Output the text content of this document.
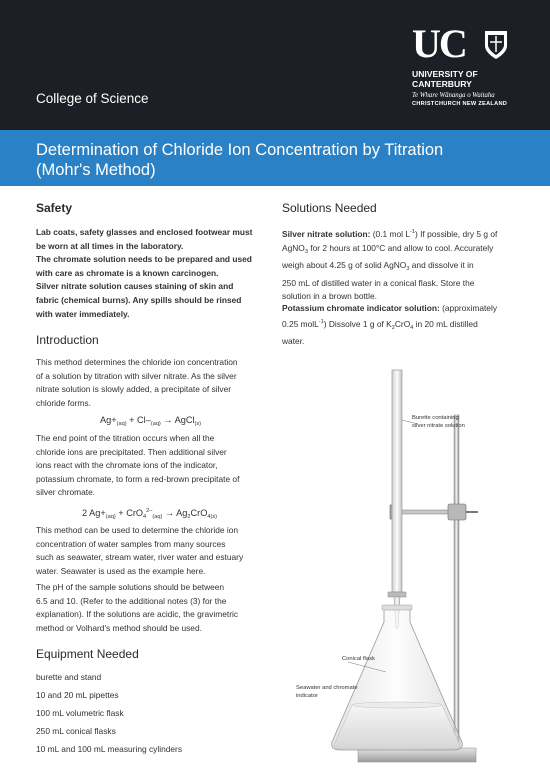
College of Science
UC
UNIVERSITY OF
CANTERBURY
Te Whare Wānanga o Waitaha
CHRISTCHURCH NEW ZEALAND
Determination of Chloride Ion Concentration by Titration
(Mohr's Method)
Safety
Lab coats, safety glasses and enclosed footwear must
be worn at all times in the laboratory.
The chromate solution needs to be prepared and used
with care as chromate is a known carcinogen.
Silver nitrate solution causes staining of skin and
fabric (chemical burns). Any spills should be rinsed
with water immediately.
Introduction
This method determines the chloride ion concentration
of a solution by titration with silver nitrate. As the silver
nitrate solution is slowly added, a precipitate of silver
chloride forms.
$Ag+_{(aq)} + Cl-_{(aq)}$ → AgCl$_{(s)}$
The end point of the titration occurs when all the
chloride ions are precipitated. Then additional silver
ions react with the chromate ions of the indicator,
potassium chromate, to form a red-brown precipitate of
silver chromate.
2 $Ag+_{(aq)} + CrO_4^{2-}_{(aq)} \to Ag_2CrO_{4(s)}$
This method can be used to determine the chloride ion
concentration of water samples from many sources
such as seawater, stream water, river water and estuary
water. Seawater is used as the example here.
The pH of the sample solutions should be between
6.5 and 10. (Refer to the additional notes (3) for the
explanation). If the solutions are acidic, the gravimetric
method or Volhard's method should be used.
Equipment Needed
burette and stand
10 and 20 mL pipettes
100 mL volumetric flask
250 mL conical flasks
10 mL and 100 mL measuring cylinders
Solutions Needed
Silver nitrate solution: (0.1 mol $L^{-1}$) If possible, dry 5 g of
AgNO$_3$ for 2 hours at 100°C and allow to cool. Accurately
weigh about 4.25 g of solid AgNO$_3$ and dissolve it in
250 mL of distilled water in a conical flask. Store the
solution in a brown bottle.
Potassium chromate indicator solution: (approximately
0.25 molL$^{-1}$) Dissolve 1 g of $K_2CrO_4$ in 20 mL distilled
water.
Burette containing
silver nitrate solution
Conical flask
Seawater and chromate
indicator
